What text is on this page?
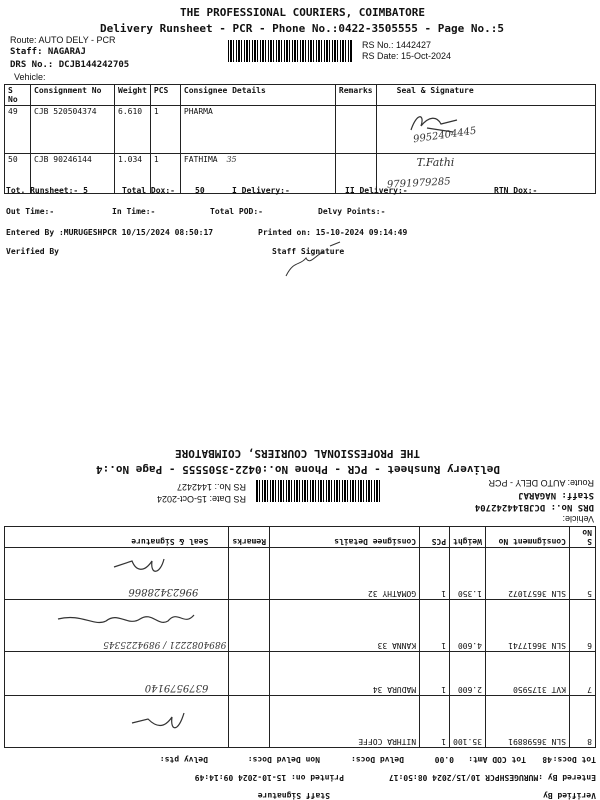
THE PROFESSIONAL COURIERS, COIMBATORE
Delivery Runsheet - PCR - Phone No.:0422-3505555 - Page No.:5
Route: AUTO DELY - PCR
Staff: NAGARAJ
DRS No.: DCJB144242705
Vehicle:
RS No.: 1442427
RS Date: 15-Oct-2024
S No	Consignment No	Weight	PCS	Consignee Details	Remarks	Seal & Signature
49	CJB 520504374	6.610	1	PHARMA		9952404445

50	CJB 90246144	1.034	1	FATHIMA 35		T.Fathi
9791979285
Tot. Runsheet:- 5	Total Dox:-	50	I Delivery:-	II Delivery:-	RTN Dox:-
Out Time:-	In Time:-	Total POD:-	Delvy Points:-
Entered By :MURUGESHPCR 10/15/2024 08:50:17	Printed on: 15-10-2024 09:14:49
Verified By	Staff Signature
THE PROFESSIONAL COURIERS, COIMBATORE
Delivery Runsheet - PCR - Phone No.:0422-3505555 - Page No.:4
Route: AUTO DELY - PCR
Staff: NAGARAJ
DRS No.: DCJB144242704
Vehicle:
RS No.: 1442427
RS Date: 15-Oct-2024
8	SLN 36598891	35.100	1	NITHRA COFFE		

7	KVT 3175950	2.600	1	MADURA 34		6379579140

6	SLN 36617741	4.600	1	KANNA 33		9894082221 / 9894225345

5	SLN 36571072	1.350	1	GOMATHY 32		99623428866

S No	Consignment No	Weight	PCS	Consignee Details	Remarks	Seal & Signature
Tot Docs:
48
Tot COD Amt:
0.00
Delvd Docs:
Non Delvd Docs:
Delvy pts:
Entered By :MURUGESHPCR 10/15/2024 08:50:17
Printed on: 15-10-2024 09:14:49
Verified By
Staff Signature
